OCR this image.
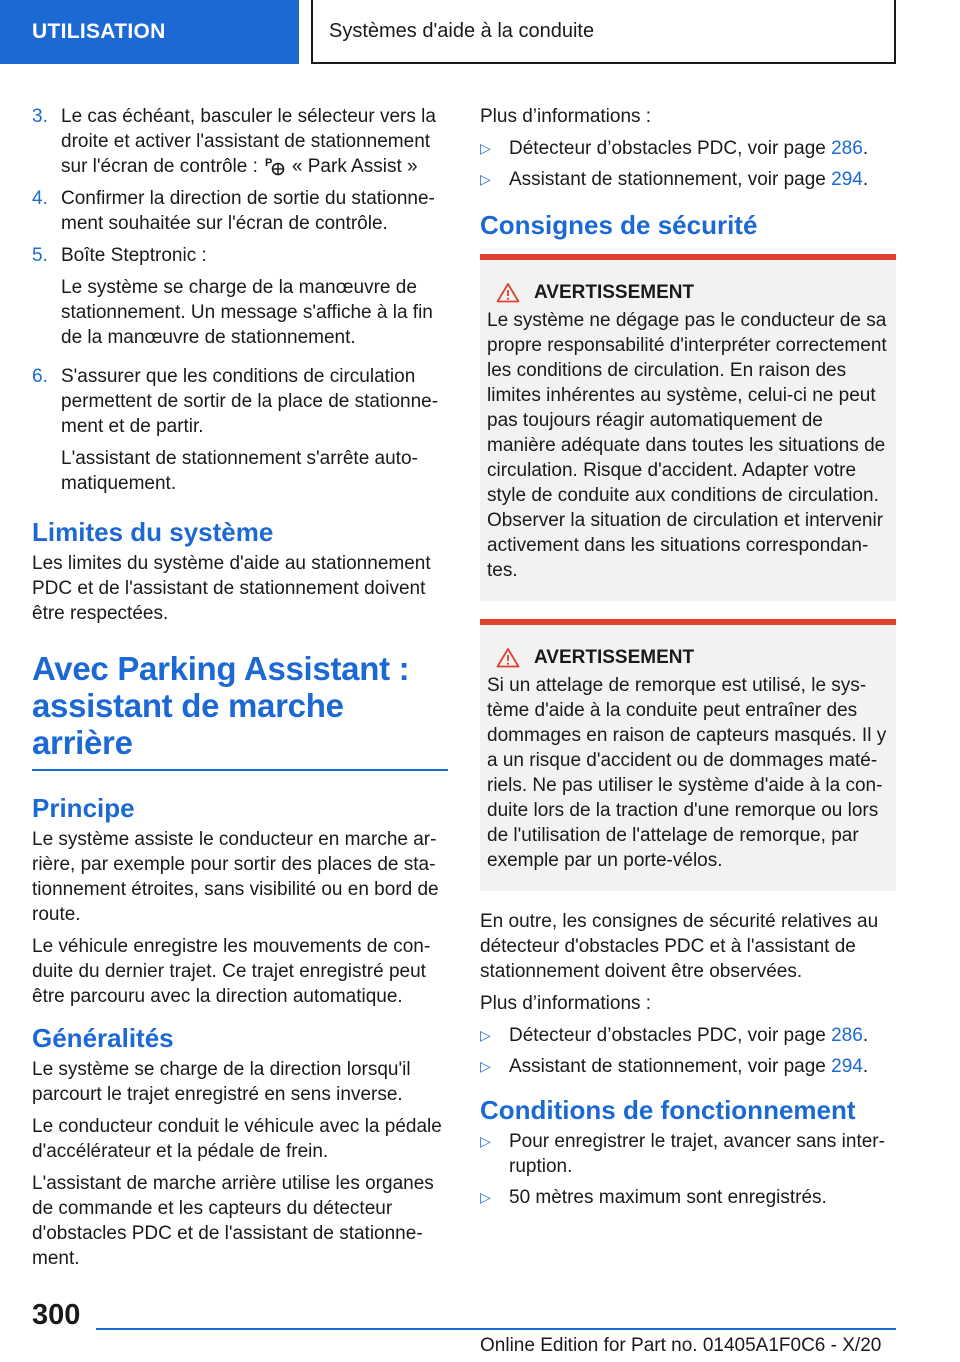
UTILISATION	Systèmes d'aide à la conduite
3. Le cas échéant, basculer le sélecteur vers la droite et activer l'assistant de stationnement sur l'écran de contrôle : P « Park Assist »
4. Confirmer la direction de sortie du stationnement souhaitée sur l'écran de contrôle.
5. Boîte Steptronic :

Le système se charge de la manœuvre de stationnement. Un message s'affiche à la fin de la manœuvre de stationnement.

6. S'assurer que les conditions de circulation permettent de sortir de la place de stationnement et de partir.

L'assistant de stationnement s'arrête automatiquement.

Limites du système

Les limites du système d'aide au stationnement PDC et de l'assistant de stationnement doivent être respectées.

Avec Parking Assistant :
assistant de marche arrière
Principe

Le système assiste le conducteur en marche arrière, par exemple pour sortir des places de stationnement étroites, sans visibilité ou en bord de route.

Le véhicule enregistre les mouvements de conduite du dernier trajet. Ce trajet enregistré peut être parcouru avec la direction automatique.

Généralités

Le système se charge de la direction lorsqu'il parcourt le trajet enregistré en sens inverse.

Le conducteur conduit le véhicule avec la pédale d'accélérateur et la pédale de frein.

L'assistant de marche arrière utilise les organes de commande et les capteurs du détecteur d'obstacles PDC et de l'assistant de stationnement.

Plus d’informations :

▷ Détecteur d’obstacles PDC, voir page 286.
▷ Assistant de stationnement, voir page 294.
Consignes de sécurité
AVERTISSEMENT
Le système ne dégage pas le conducteur de sa propre responsabilité d'interpréter correctement les conditions de circulation. En raison des limites inhérentes au système, celui-ci ne peut pas toujours réagir automatiquement de manière adéquate dans toutes les situations de circulation. Risque d'accident. Adapter votre style de conduite aux conditions de circulation. Observer la situation de circulation et intervenir activement dans les situations correspondantes.
AVERTISSEMENT
Si un attelage de remorque est utilisé, le système d'aide à la conduite peut entraîner des dommages en raison de capteurs masqués. Il y a un risque d'accident ou de dommages matériels. Ne pas utiliser le système d'aide à la conduite lors de la traction d'une remorque ou lors de l'utilisation de l'attelage de remorque, par exemple par un porte-vélos.

En outre, les consignes de sécurité relatives au détecteur d'obstacles PDC et à l'assistant de stationnement doivent être observées.

Plus d’informations :

▷ Détecteur d’obstacles PDC, voir page 286.
▷ Assistant de stationnement, voir page 294.
Conditions de fonctionnement
▷ Pour enregistrer le trajet, avancer sans interruption.
▷ 50 mètres maximum sont enregistrés.
300
Online Edition for Part no. 01405A1F0C6 - X/20
